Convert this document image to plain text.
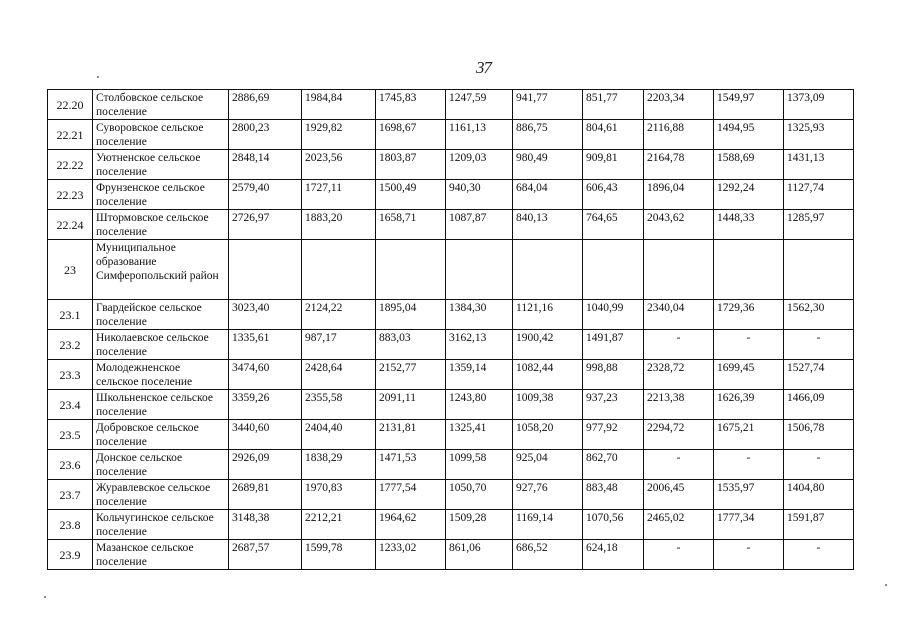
37
22.20	Столбовское сельское поселение	2886,69	1984,84	1745,83	1247,59	941,77	851,77	2203,34	1549,97	1373,09
22.21	Суворовское сельское поселение	2800,23	1929,82	1698,67	1161,13	886,75	804,61	2116,88	1494,95	1325,93
22.22	Уютненское сельское поселение	2848,14	2023,56	1803,87	1209,03	980,49	909,81	2164,78	1588,69	1431,13
22.23	Фрунзенское сельское поселение	2579,40	1727,11	1500,49	940,30	684,04	606,43	1896,04	1292,24	1127,74
22.24	Штормовское сельское поселение	2726,97	1883,20	1658,71	1087,87	840,13	764,65	2043,62	1448,33	1285,97
23	Муниципальное образование Симферопольский район									
23.1	Гвардейское сельское поселение	3023,40	2124,22	1895,04	1384,30	1121,16	1040,99	2340,04	1729,36	1562,30
23.2	Николаевское сельское поселение	1335,61	987,17	883,03	3162,13	1900,42	1491,87	-	-	-
23.3	Молодежненское сельское поселение	3474,60	2428,64	2152,77	1359,14	1082,44	998,88	2328,72	1699,45	1527,74
23.4	Школьненское сельское поселение	3359,26	2355,58	2091,11	1243,80	1009,38	937,23	2213,38	1626,39	1466,09
23.5	Добровское сельское поселение	3440,60	2404,40	2131,81	1325,41	1058,20	977,92	2294,72	1675,21	1506,78
23.6	Донское сельское поселение	2926,09	1838,29	1471,53	1099,58	925,04	862,70	-	-	-
23.7	Журавлевское сельское поселение	2689,81	1970,83	1777,54	1050,70	927,76	883,48	2006,45	1535,97	1404,80
23.8	Кольчугинское сельское поселение	3148,38	2212,21	1964,62	1509,28	1169,14	1070,56	2465,02	1777,34	1591,87
23.9	Мазанское сельское поселение	2687,57	1599,78	1233,02	861,06	686,52	624,18	-	-	-
